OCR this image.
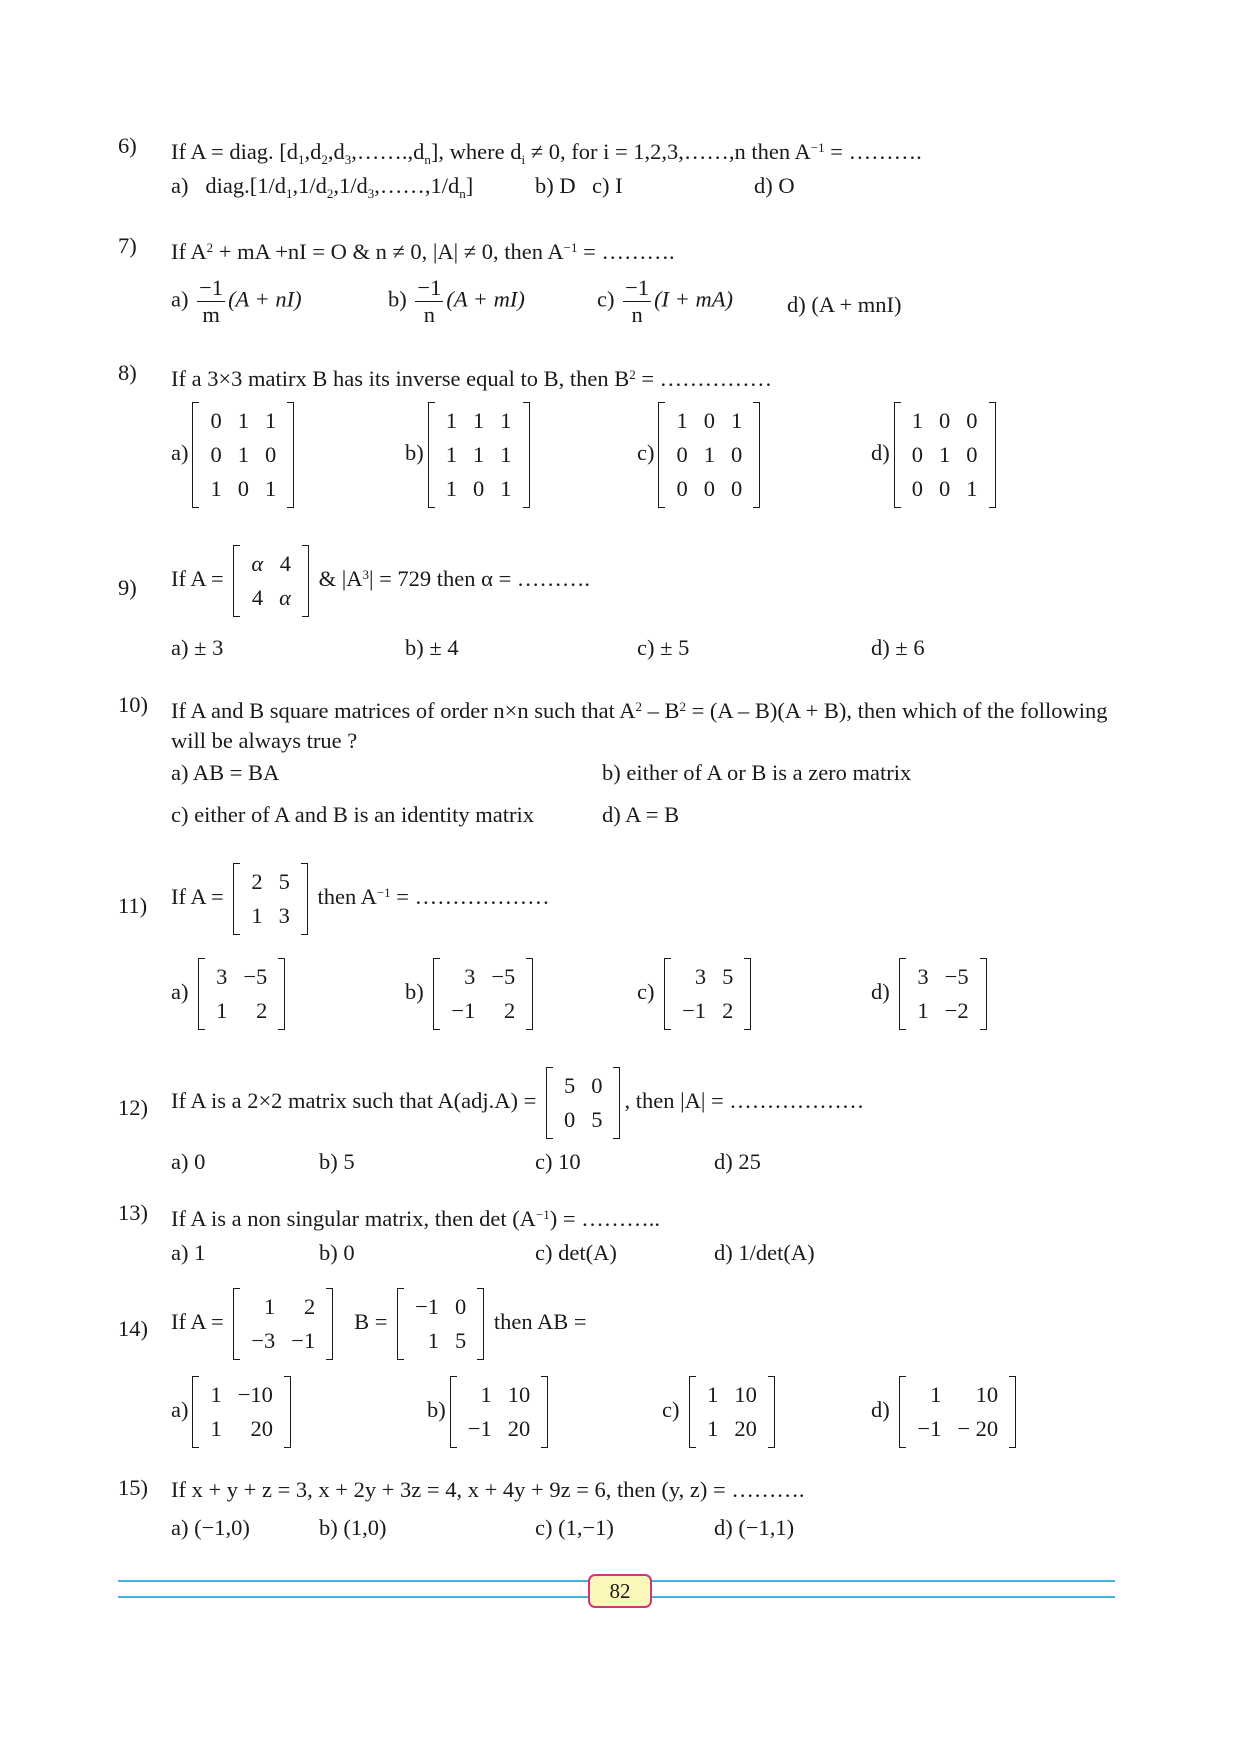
6)	If A = diag. $[d_1,d_2,d_3,\dots\dots.,d_n]$, where $d_i \ne 0$, for i = 1,2,3,……,n then $A^{-1}$ = ……….
a) $diag.[1/d_1,1/d_2,1/d_3,\dots\dots,1/d_n]$	b) D c) I	d) O
7)	If $A^2$ + mA +nI = O & n ≠ 0, |A| ≠ 0, then $A^{-1}$ = ……….
$a) \frac{-1}{m} (A + nI)$	$b) \frac{-1}{n} (A + mI)$	$c) \frac{-1}{n} (I + mA)$ d) (A + mnI)
8)	If a 3×3 matirx B has its inverse equal to B, then $B^2$ = ……………
a)
0	1	1
0	1	0
1	0	1
b)
1	1	1
1	1	1
1	0	1
c)
1	0	1
0	1	0
0	0	0
d)
1	0	0
0	1	0
0	0	1
9)	If A =
α	4
4	α
& $|A^3| = 729$ then α = ……….
a) ± 3	b) ± 4	c) ± 5	d) ± 6
10)	If A and B square matrices of order n×n such that $A^2 - B^2 = (A - B)(A + B)$, then which of the following will be always true ?
a) AB = BA	b) either of A or B is a zero matrix
c) either of A and B is an identity matrix	d) A = B
11)	If A =
2	5
1	3
then $A^{-1}$ = ………………
a)
3	−5
1	2
b)
3	−5
−1	2
c)
3	5
−1	2
d)
3	−5
1	−2
12)	If A is a 2×2 matrix such that A(adj.A) =
5	0
0	5
, then |A| = ………………
a) 0	b) 5	c) 10	d) 25
13)	If A is a non singular matrix, then $\det (A^{-1})$ = ………..
a) 1	b) 0	c) det(A)	d) 1/det(A)
14)	If A =
1	2
−3	−1
B =
−1	0
1	5
then AB =
a)
1	−10
1	20
b)
1	10
−1	20
c)
1	10
1	20
d)
1	10
−1	− 20
15)	If x + y + z = 3, x + 2y + 3z = 4, x + 4y + 9z = 6, then (y, z) = ……….
a) (−1,0)	b) (1,0)	c) (1,−1)	d) (−1,1)
82
